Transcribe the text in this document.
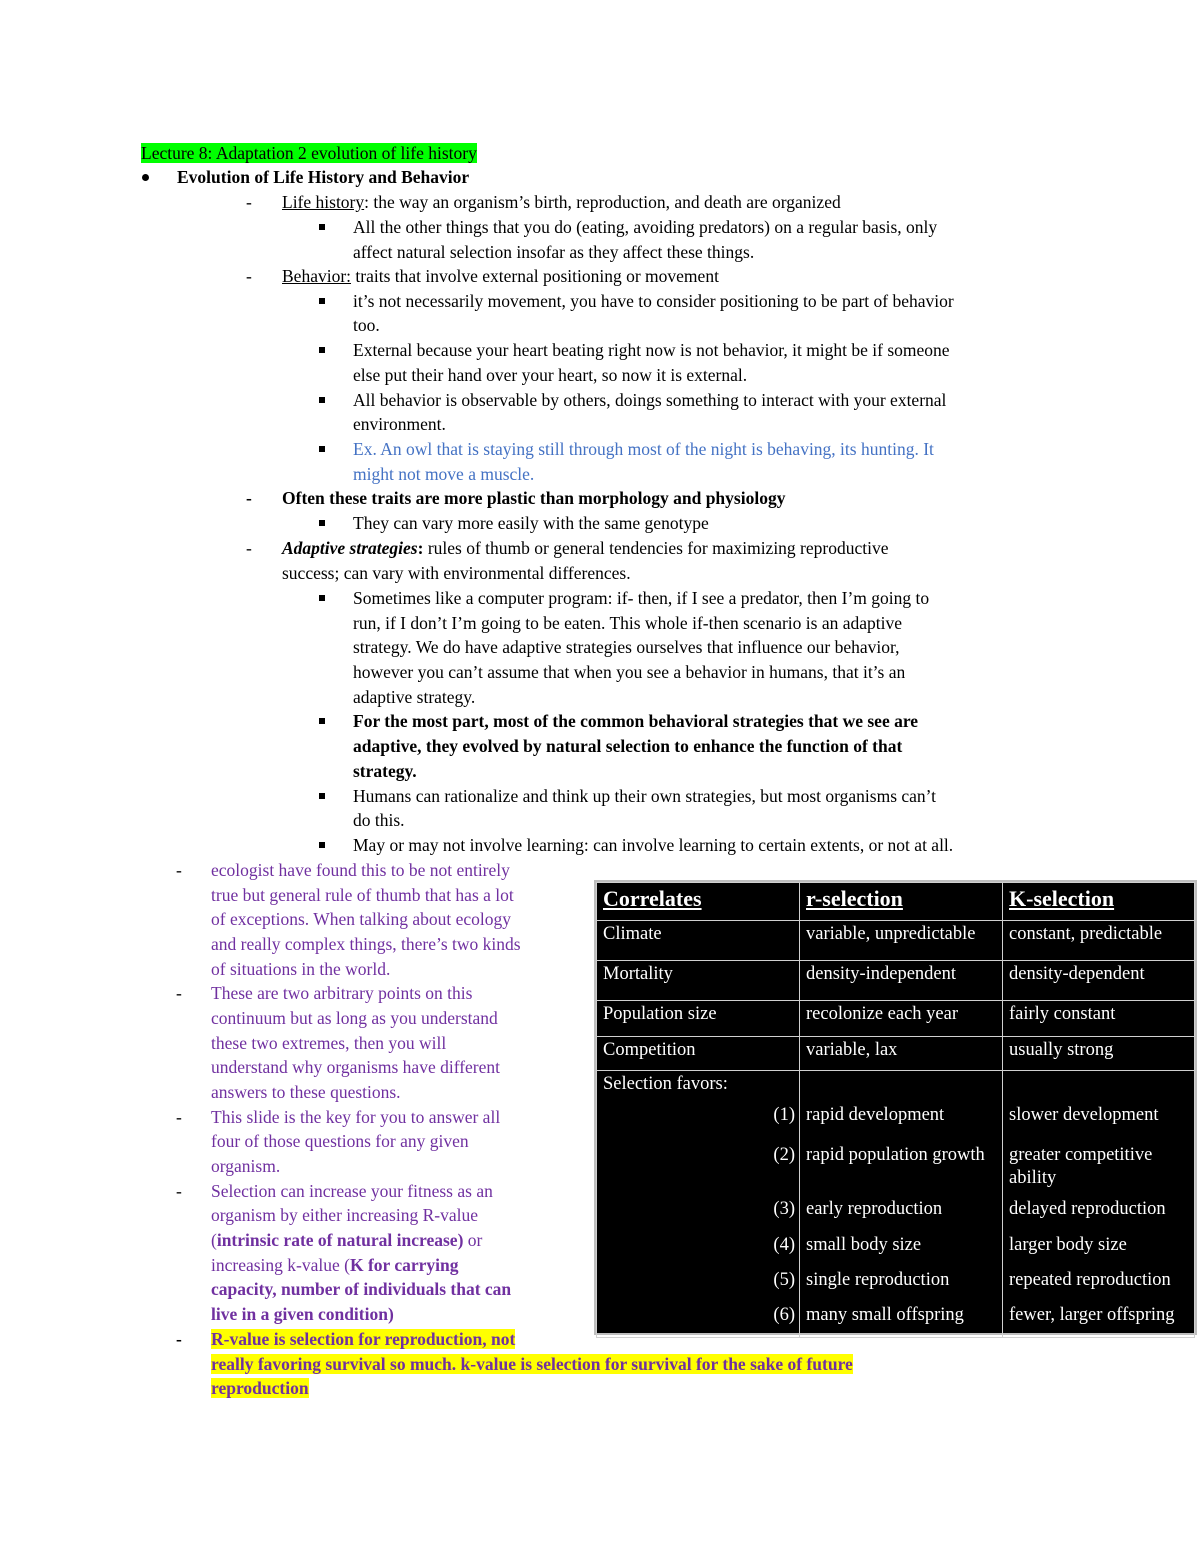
Lecture 8: Adaptation 2 evolution of life history
Evolution of Life History and Behavior
- Life history: the way an organism’s birth, reproduction, and death are organized
All the other things that you do (eating, avoiding predators) on a regular basis, only
affect natural selection insofar as they affect these things.
- Behavior: traits that involve external positioning or movement
it’s not necessarily movement, you have to consider positioning to be part of behavior
too.
External because your heart beating right now is not behavior, it might be if someone
else put their hand over your heart, so now it is external.
All behavior is observable by others, doings something to interact with your external
environment.
Ex. An owl that is staying still through most of the night is behaving, its hunting. It
might not move a muscle.
- Often these traits are more plastic than morphology and physiology
They can vary more easily with the same genotype
- Adaptive strategies: rules of thumb or general tendencies for maximizing reproductive
success; can vary with environmental differences.
Sometimes like a computer program: if- then, if I see a predator, then I’m going to
run, if I don’t I’m going to be eaten. This whole if-then scenario is an adaptive
strategy. We do have adaptive strategies ourselves that influence our behavior,
however you can’t assume that when you see a behavior in humans, that it’s an
adaptive strategy.
For the most part, most of the common behavioral strategies that we see are
adaptive, they evolved by natural selection to enhance the function of that
strategy.
Humans can rationalize and think up their own strategies, but most organisms can’t
do this.
May or may not involve learning: can involve learning to certain extents, or not at all.
- ecologist have found this to be not entirely
true but general rule of thumb that has a lot
of exceptions. When talking about ecology
and really complex things, there’s two kinds
of situations in the world.
- These are two arbitrary points on this
continuum but as long as you understand
these two extremes, then you will
understand why organisms have different
answers to these questions.
- This slide is the key for you to answer all
four of those questions for any given
organism.
- Selection can increase your fitness as an
organism by either increasing R-value
(intrinsic rate of natural increase) or
increasing k-value (K for carrying
capacity, number of individuals that can
live in a given condition)
- R-value is selection for reproduction, not
really favoring survival so much. k-value is selection for survival for the sake of future
reproduction
Correlates	r-selection	K-selection
Climate	variable, unpredictable	constant, predictable
Mortality	density-independent	density-dependent
Population size	recolonize each year	fairly constant
Competition	variable, lax	usually strong
Selection favors:		
(1)	rapid development	slower development
(2)	rapid population growth	greater competitive ability
(3)	early reproduction	delayed reproduction
(4)	small body size	larger body size
(5)	single reproduction	repeated reproduction
(6)	many small offspring	fewer, larger offspring
